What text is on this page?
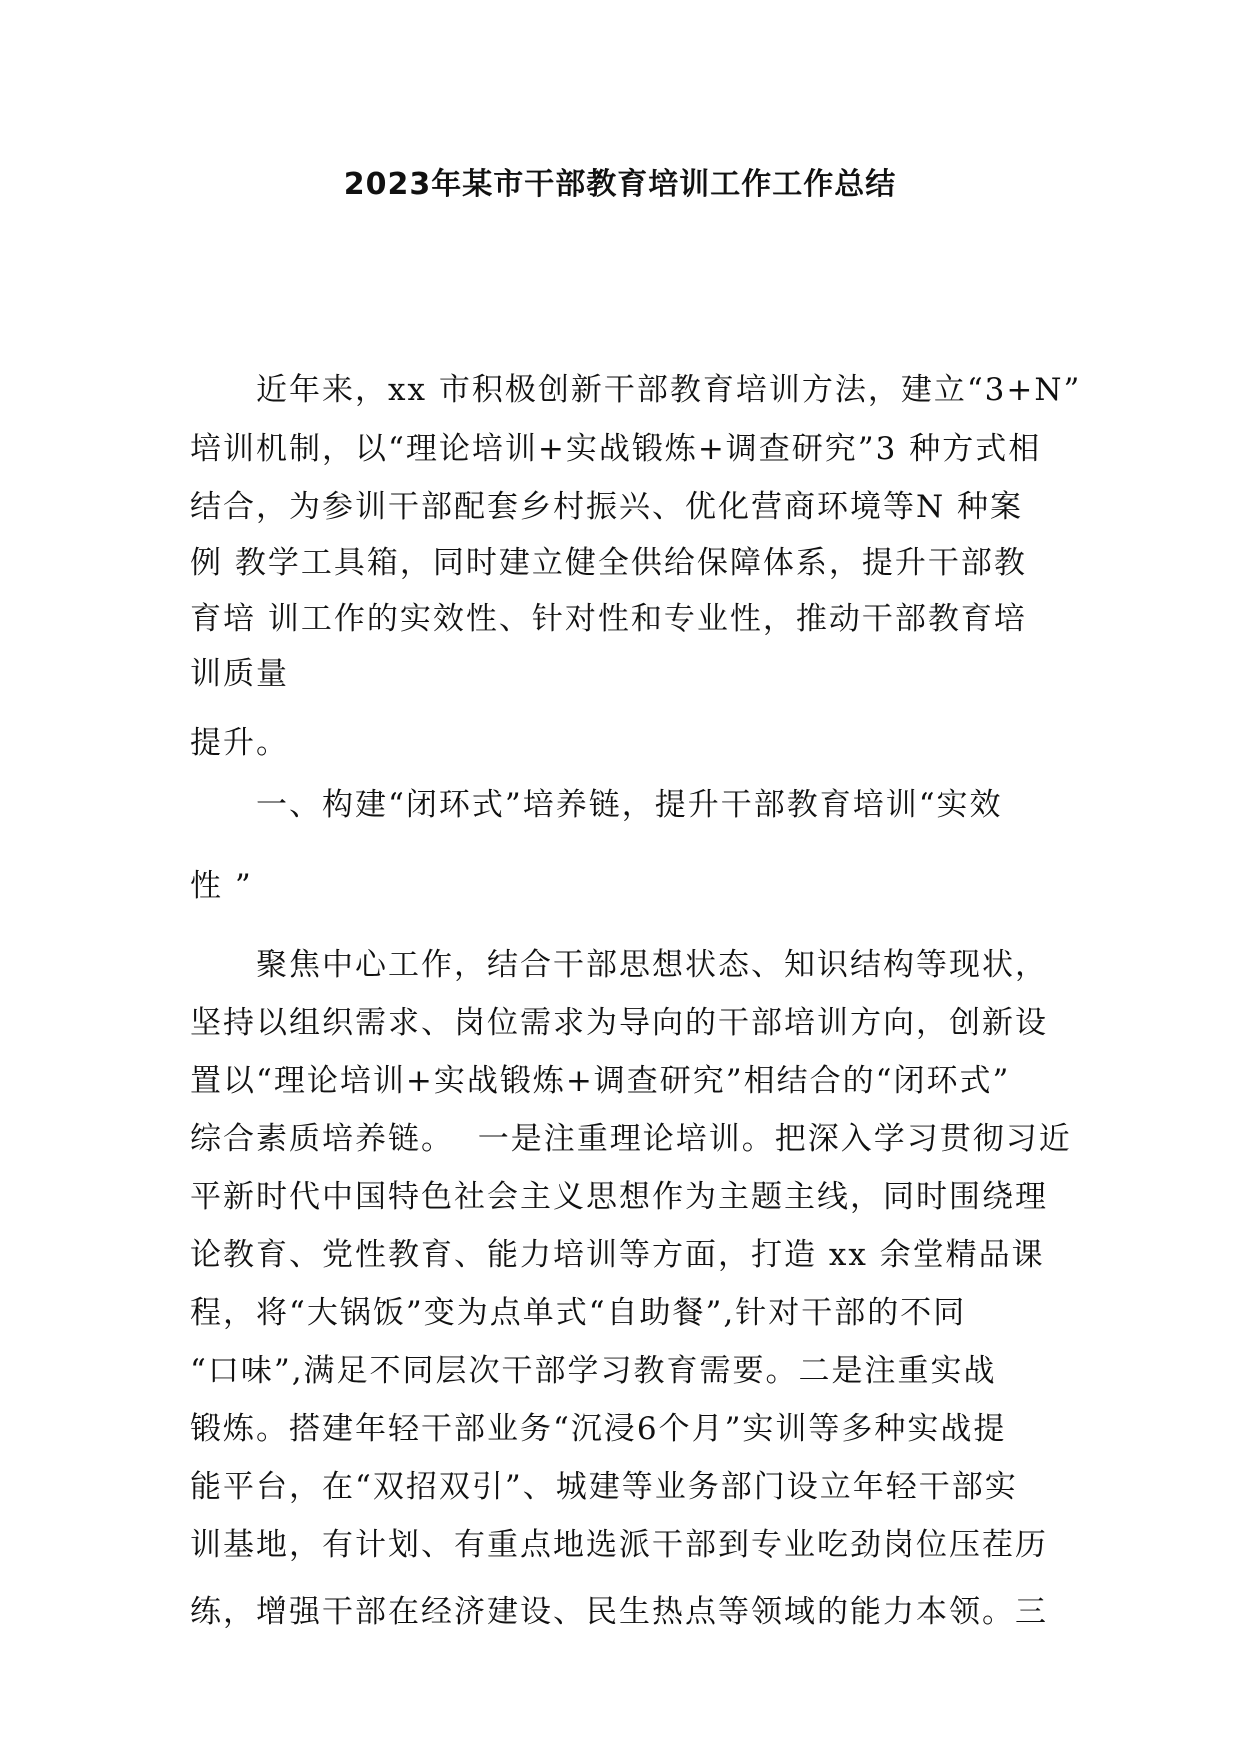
2023年某市干部教育培训工作工作总结
近年来，xx 市积极创新干部教育培训方法，建立“3+N”
培训机制，以“理论培训+实战锻炼+调查研究”3 种方式相
结合，为参训干部配套乡村振兴、优化营商环境等N 种案
例 教学工具箱，同时建立健全供给保障体系，提升干部教
育培 训工作的实效性、针对性和专业性，推动干部教育培
训质量
提升。
一、构建“闭环式”培养链，提升干部教育培训“实效
性 ”
聚焦中心工作，结合干部思想状态、知识结构等现状，
坚持以组织需求、岗位需求为导向的干部培训方向，创新设
置以“理论培训+实战锻炼+调查研究”相结合的“闭环式”
综合素质培养链。  一是注重理论培训。把深入学习贯彻习近
平新时代中国特色社会主义思想作为主题主线，同时围绕理
论教育、党性教育、能力培训等方面，打造 xx 余堂精品课
程，将“大锅饭”变为点单式“自助餐”,针对干部的不同
“口味”,满足不同层次干部学习教育需要。二是注重实战
锻炼。搭建年轻干部业务“沉浸6个月”实训等多种实战提
能平台，在“双招双引”、城建等业务部门设立年轻干部实
训基地，有计划、有重点地选派干部到专业吃劲岗位压茬历
练，增强干部在经济建设、民生热点等领域的能力本领。三
